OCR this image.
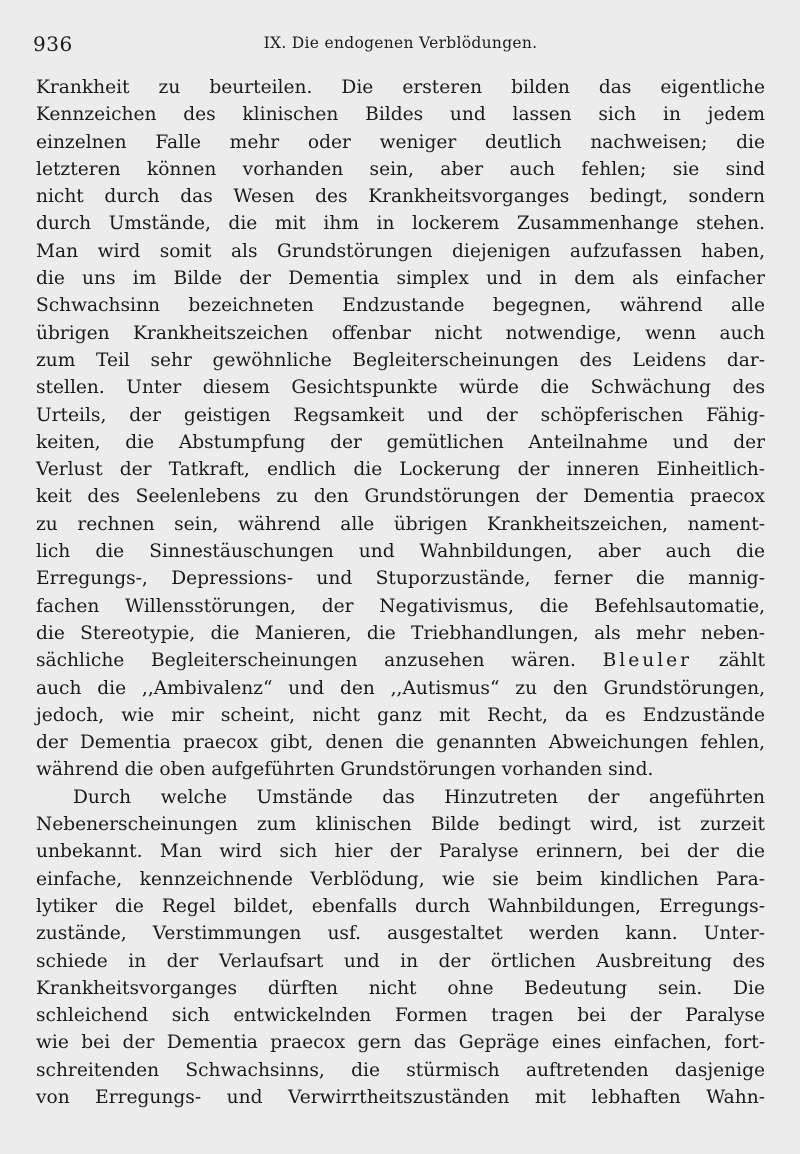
936	IX. Die endogenen Verblödungen.
Krankheit zu beurteilen. Die ersteren bilden das eigentliche
Kennzeichen des klinischen Bildes und lassen sich in jedem
einzelnen Falle mehr oder weniger deutlich nachweisen; die
letzteren können vorhanden sein, aber auch fehlen; sie sind
nicht durch das Wesen des Krankheitsvorganges bedingt, sondern
durch Umstände, die mit ihm in lockerem Zusammenhange stehen.
Man wird somit als Grundstörungen diejenigen aufzufassen haben,
die uns im Bilde der Dementia simplex und in dem als einfacher
Schwachsinn bezeichneten Endzustande begegnen, während alle
übrigen Krankheitszeichen offenbar nicht notwendige, wenn auch
zum Teil sehr gewöhnliche Begleiterscheinungen des Leidens dar-
stellen. Unter diesem Gesichtspunkte würde die Schwächung des
Urteils, der geistigen Regsamkeit und der schöpferischen Fähig-
keiten, die Abstumpfung der gemütlichen Anteilnahme und der
Verlust der Tatkraft, endlich die Lockerung der inneren Einheitlich-
keit des Seelenlebens zu den Grundstörungen der Dementia praecox
zu rechnen sein, während alle übrigen Krankheitszeichen, nament-
lich die Sinnestäuschungen und Wahnbildungen, aber auch die
Erregungs-, Depressions- und Stuporzustände, ferner die mannig-
fachen Willensstörungen, der Negativismus, die Befehlsautomatie,
die Stereotypie, die Manieren, die Triebhandlungen, als mehr neben-
sächliche Begleiterscheinungen anzusehen wären. Bleuler zählt
auch die ,,Ambivalenz“ und den ,,Autismus“ zu den Grundstörungen,
jedoch, wie mir scheint, nicht ganz mit Recht, da es Endzustände
der Dementia praecox gibt, denen die genannten Abweichungen fehlen,
während die oben aufgeführten Grundstörungen vorhanden sind.
Durch welche Umstände das Hinzutreten der angeführten
Nebenerscheinungen zum klinischen Bilde bedingt wird, ist zurzeit
unbekannt. Man wird sich hier der Paralyse erinnern, bei der die
einfache, kennzeichnende Verblödung, wie sie beim kindlichen Para-
lytiker die Regel bildet, ebenfalls durch Wahnbildungen, Erregungs-
zustände, Verstimmungen usf. ausgestaltet werden kann. Unter-
schiede in der Verlaufsart und in der örtlichen Ausbreitung des
Krankheitsvorganges dürften nicht ohne Bedeutung sein. Die
schleichend sich entwickelnden Formen tragen bei der Paralyse
wie bei der Dementia praecox gern das Gepräge eines einfachen, fort-
schreitenden Schwachsinns, die stürmisch auftretenden dasjenige
von Erregungs- und Verwirrtheitszuständen mit lebhaften Wahn-
